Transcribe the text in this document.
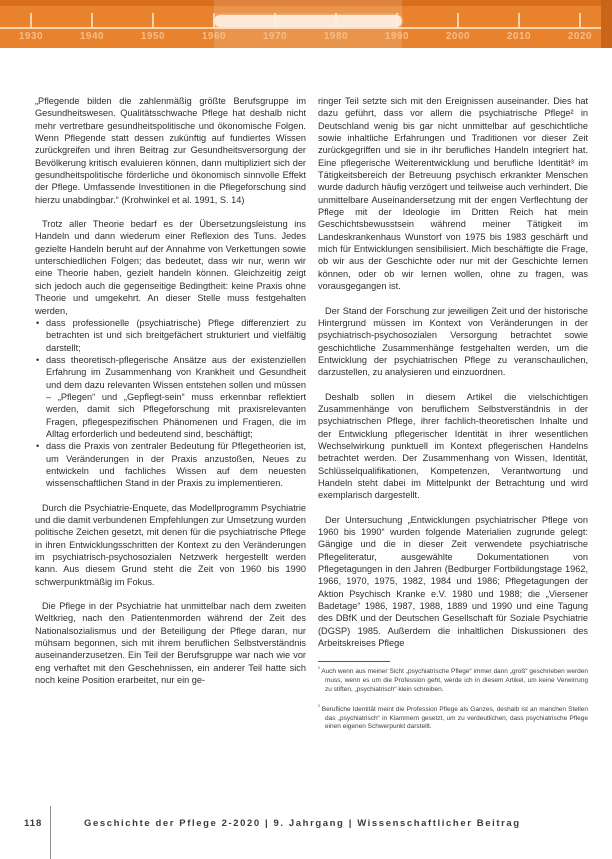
1930	1940	1950	1960	1970	1980	1990	2000	2010	2020

„Pflegende bilden die zahlenmäßig größte Berufsgruppe im Gesundheitswesen. Qualitätsschwache Pflege hat deshalb nicht mehr vertretbare gesundheitspolitische und ökonomische Folgen. Wenn Pflegende statt dessen zukünftig auf fundiertes Wissen zurückgreifen und ihren Beitrag zur Gesundheitsversorgung der Bevölkerung kritisch evaluieren können, dann multipliziert sich der gesundheitspolitische förderliche und ökonomisch sinnvolle Effekt der Pflege. Umfassende Investitionen in die Pflegeforschung sind hierzu unabdingbar.“ (Krohwinkel et al. 1991, S. 14)

Trotz aller Theorie bedarf es der Übersetzungsleistung ins Handeln und dann wiederum einer Reflexion des Tuns. Jedes gezielte Handeln beruht auf der Annahme von Verkettungen sowie unterschiedlichen Folgen; das bedeutet, dass wir nur, wenn wir eine Theorie haben, gezielt handeln können. Gleichzeitig zeigt sich jedoch auch die gegenseitige Bedingtheit: keine Praxis ohne Theorie und umgekehrt. An dieser Stelle muss festgehalten werden,

• dass professionelle (psychiatrische) Pflege differenziert zu betrachten ist und sich breitgefächert strukturiert und vielfältig darstellt;
• dass theoretisch-pflegerische Ansätze aus der existenziellen Erfahrung im Zusammenhang von Krankheit und Gesundheit und dem dazu relevanten Wissen entstehen sollen und müssen – „Pflegen“ und „Gepflegt-sein“ muss erkennbar reflektiert werden, damit sich Pflegeforschung mit praxisrelevanten Fragen, pflegespezifischen Phänomenen und Fragen, die im Alltag erforderlich und bedeutend sind, beschäftigt;
• dass die Praxis von zentraler Bedeutung für Pflegetheorien ist, um Veränderungen in der Praxis anzustoßen, Neues zu entwickeln und fachliches Wissen auf dem neuesten wissenschaftlichen Stand in der Praxis zu implementieren.

Durch die Psychiatrie-Enquete, das Modellprogramm Psychiatrie und die damit verbundenen Empfehlungen zur Umsetzung wurden politische Zeichen gesetzt, mit denen für die psychiatrische Pflege in ihren Entwicklungsschritten der Kontext zu den Veränderungen im psychiatrisch-psychosozialen Netzwerk hergestellt werden kann. Aus diesem Grund steht die Zeit von 1960 bis 1990 schwerpunktmäßig im Fokus.

Die Pflege in der Psychiatrie hat unmittelbar nach dem zweiten Weltkrieg, nach den Patientenmorden während der Zeit des Nationalsozialismus und der Beteiligung der Pflege daran, nur mühsam begonnen, sich mit ihrem beruflichen Selbstverständnis auseinanderzusetzen. Ein Teil der Berufsgruppe war nach wie vor eng verhaftet mit den Geschehnissen, ein anderer Teil hatte sich noch keine Position erarbeitet, nur ein ge-

ringer Teil setzte sich mit den Ereignissen auseinander. Dies hat dazu geführt, dass vor allem die psychiatrische Pflege² in Deutschland wenig bis gar nicht unmittelbar auf geschichtliche sowie inhaltliche Erfahrungen und Traditionen vor dieser Zeit zurückgegriffen und sie in ihr berufliches Handeln integriert hat. Eine pflegerische Weiterentwicklung und berufliche Identität³ im Tätigkeitsbereich der Betreuung psychisch erkrankter Menschen wurde dadurch häufig verzögert und teilweise auch verhindert. Die unmittelbare Auseinandersetzung mit der engen Verflechtung der Pflege mit der Ideologie im Dritten Reich hat mein Geschichtsbewusstsein während meiner Tätigkeit im Landeskrankenhaus Wunstorf von 1975 bis 1983 geschärft und mich für Entwicklungen sensibilisiert. Mich beschäftigte die Frage, ob wir aus der Geschichte oder nur mit der Geschichte lernen können, oder ob wir lernen wollen, ohne zu fragen, was vorausgegangen ist.

Der Stand der Forschung zur jeweiligen Zeit und der historische Hintergrund müssen im Kontext von Veränderungen in der psychiatrisch-psychosozialen Versorgung betrachtet sowie geschichtliche Zusammenhänge festgehalten werden, um die Entwicklung der psychiatrischen Pflege zu veranschaulichen, darzustellen, zu analysieren und einzuordnen.

Deshalb sollen in diesem Artikel die vielschichtigen Zusammenhänge von beruflichem Selbstverständnis in der psychiatrischen Pflege, ihrer fachlich-theoretischen Inhalte und der Entwicklung pflegerischer Identität in ihrer wesentlichen Wechselwirkung punktuell im Kontext pflegerischen Handelns betrachtet werden. Der Zusammenhang von Wissen, Identität, Schlüsselqualifikationen, Kompetenzen, Verantwortung und Handeln steht dabei im Mittelpunkt der Betrachtung und wird exemplarisch dargestellt.

Der Untersuchung „Entwicklungen psychiatrischer Pflege von 1960 bis 1990“ wurden folgende Materialien zugrunde gelegt: Gängige und die in dieser Zeit verwendete psychiatrische Pflegeliteratur, ausgewählte Dokumentationen von Pflegetagungen in den Jahren (Bedburger Fortbildungstage 1962, 1966, 1970, 1975, 1982, 1984 und 1986; Pflegetagungen der Aktion Psychisch Kranke e.V. 1980 und 1988; die „Viersener Badetage“ 1986, 1987, 1988, 1889 und 1990 und eine Tagung des DBfK und der Deutschen Gesellschaft für Soziale Psychiatrie (DGSP) 1985. Außerdem die inhaltlichen Diskussionen des Arbeitskreises Pflege

$^{^2}$ Auch wenn aus meiner Sicht „psychiatrische Pflege“ immer dann „groß“ geschrieben werden muss, wenn es um die Profession geht, werde ich in diesem Artikel, um keine Verwirrung zu stiften, „psychiatrisch“ klein schreiben.

$^{^3}$ Berufliche Identität meint die Profession Pflege als Ganzes, deshalb ist an manchen Stellen das „psychiatrisch“ in Klammern gesetzt, um zu verdeutlichen, dass psychiatrische Pflege einen eigenen Schwerpunkt darstellt.

118	Geschichte der Pflege 2-2020 | 9. Jahrgang | Wissenschaftlicher Beitrag
